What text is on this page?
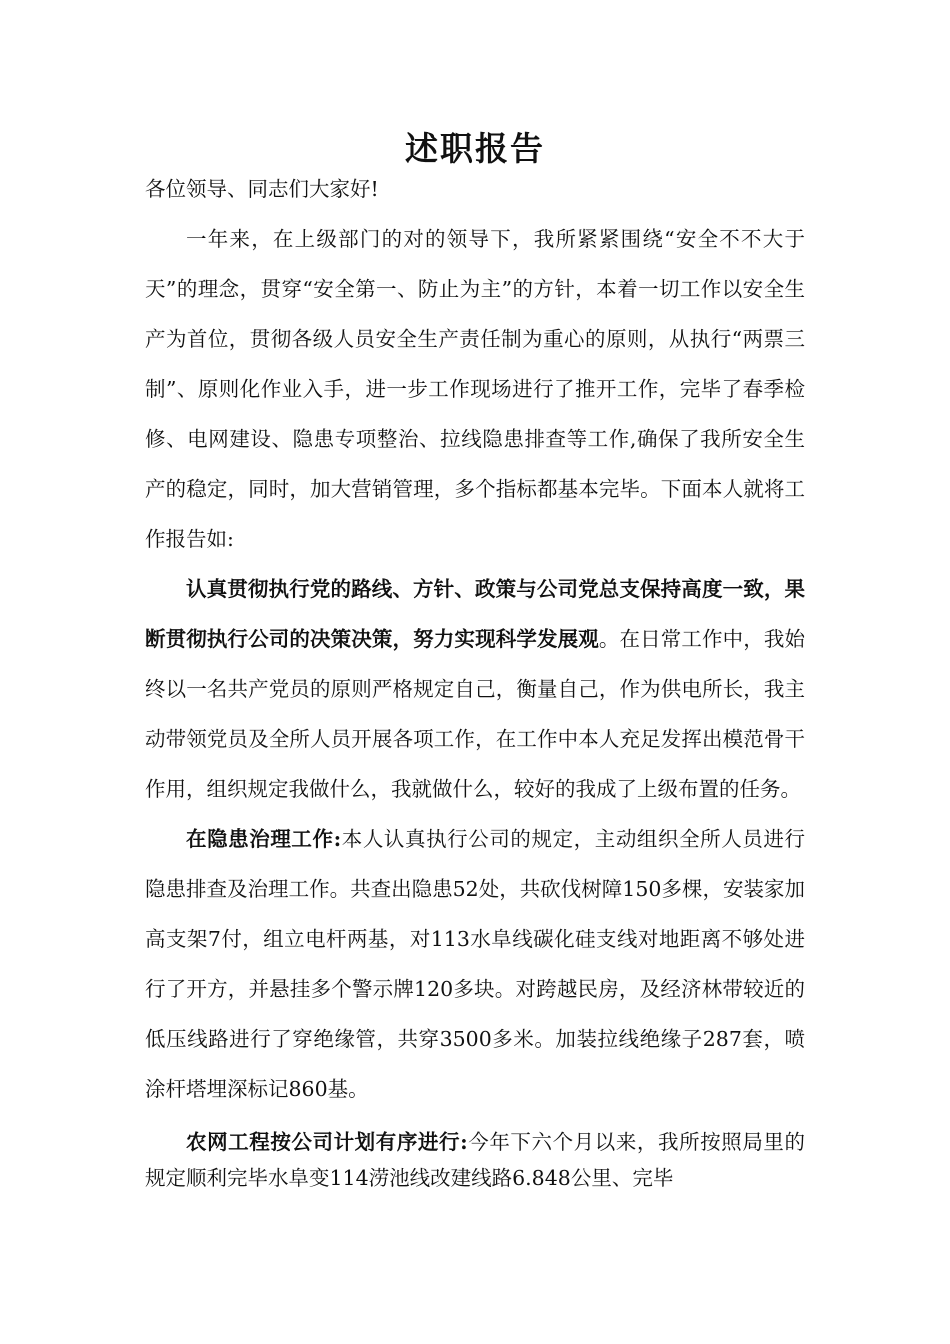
述职报告

各位领导、同志们大家好!

一年来，在上级部门的对的领导下，我所紧紧围绕“安全不不大于天”的理念，贯穿“安全第一、防止为主”的方针，本着一切工作以安全生产为首位，贯彻各级人员安全生产责任制为重心的原则，从执行“两票三制”、原则化作业入手，进一步工作现场进行了推开工作，完毕了春季检修、电网建设、隐患专项整治、拉线隐患排查等工作,确保了我所安全生产的稳定，同时，加大营销管理，多个指标都基本完毕。下面本人就将工作报告如:

认真贯彻执行党的路线、方针、政策与公司党总支保持高度一致，果断贯彻执行公司的决策决策，努力实现科学发展观。在日常工作中，我始终以一名共产党员的原则严格规定自己，衡量自己，作为供电所长，我主动带领党员及全所人员开展各项工作，在工作中本人充足发挥出模范骨干作用，组织规定我做什么，我就做什么，较好的我成了上级布置的任务。

在隐患治理工作:本人认真执行公司的规定，主动组织全所人员进行隐患排查及治理工作。共查出隐患52处，共砍伐树障150多棵，安装家加高支架7付，组立电杆两基，对113水阜线碳化硅支线对地距离不够处进行了开方，并悬挂多个警示牌120多块。对跨越民房，及经济林带较近的低压线路进行了穿绝缘管，共穿3500多米。加装拉线绝缘子287套，喷涂杆塔埋深标记860基。

农网工程按公司计划有序进行:今年下六个月以来，我所按照局里的规定顺利完毕水阜变114涝池线改建线路6.848公里、完毕
